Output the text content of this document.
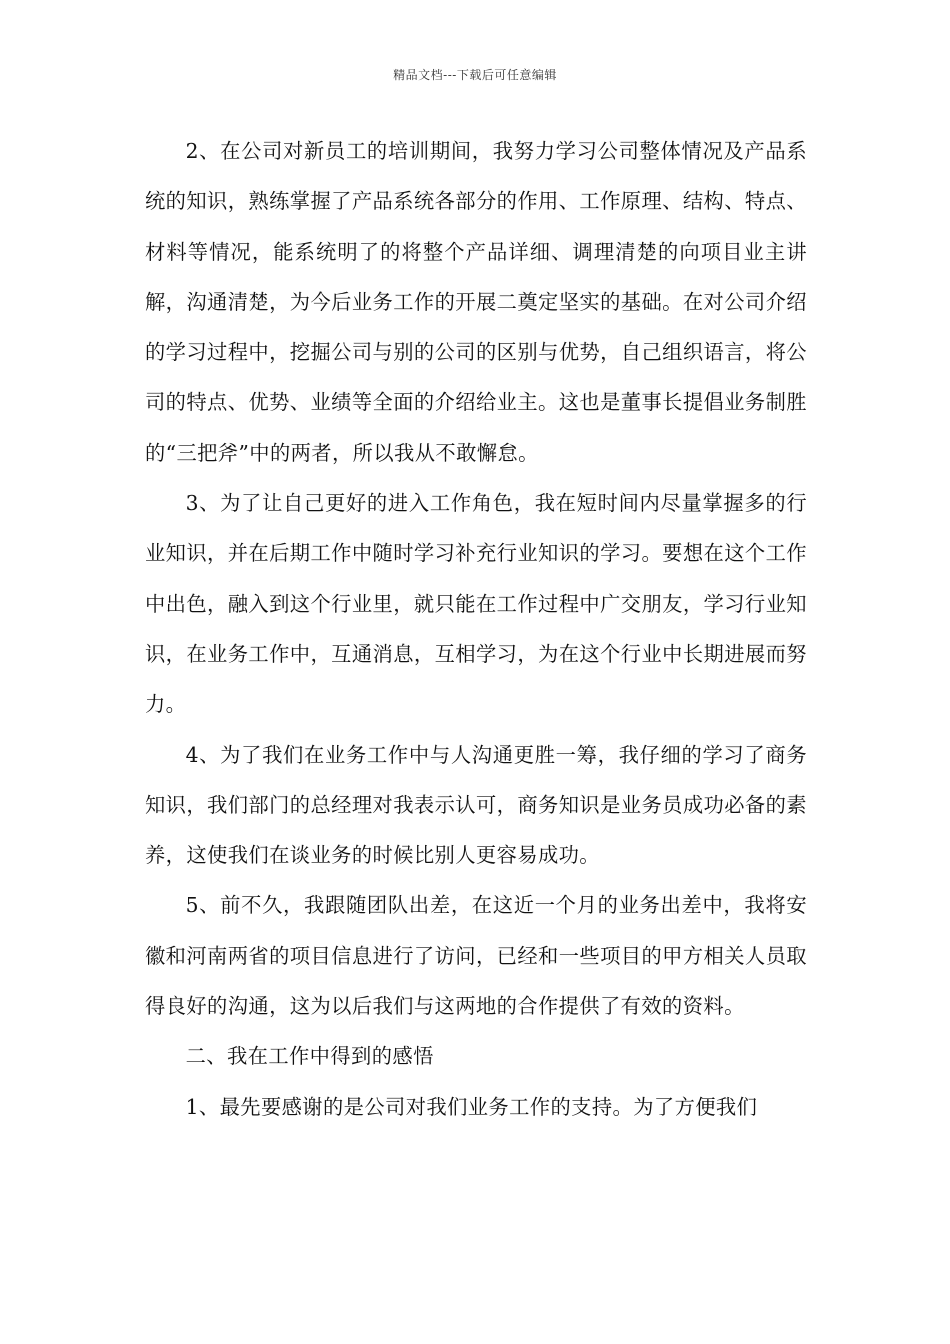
精品文档---下载后可任意编辑

2、在公司对新员工的培训期间，我努力学习公司整体情况及产品系统的知识，熟练掌握了产品系统各部分的作用、工作原理、结构、特点、材料等情况，能系统明了的将整个产品详细、调理清楚的向项目业主讲解，沟通清楚，为今后业务工作的开展二奠定坚实的基础。在对公司介绍的学习过程中，挖掘公司与别的公司的区别与优势，自己组织语言，将公司的特点、优势、业绩等全面的介绍给业主。这也是董事长提倡业务制胜的“三把斧”中的两者，所以我从不敢懈怠。

3、为了让自己更好的进入工作角色，我在短时间内尽量掌握多的行业知识，并在后期工作中随时学习补充行业知识的学习。要想在这个工作中出色，融入到这个行业里，就只能在工作过程中广交朋友，学习行业知识，在业务工作中，互通消息，互相学习，为在这个行业中长期进展而努力。

4、为了我们在业务工作中与人沟通更胜一筹，我仔细的学习了商务知识，我们部门的总经理对我表示认可，商务知识是业务员成功必备的素养，这使我们在谈业务的时候比别人更容易成功。

5、前不久，我跟随团队出差，在这近一个月的业务出差中，我将安徽和河南两省的项目信息进行了访问，已经和一些项目的甲方相关人员取得良好的沟通，这为以后我们与这两地的合作提供了有效的资料。

二、我在工作中得到的感悟

1、最先要感谢的是公司对我们业务工作的支持。为了方便我们
